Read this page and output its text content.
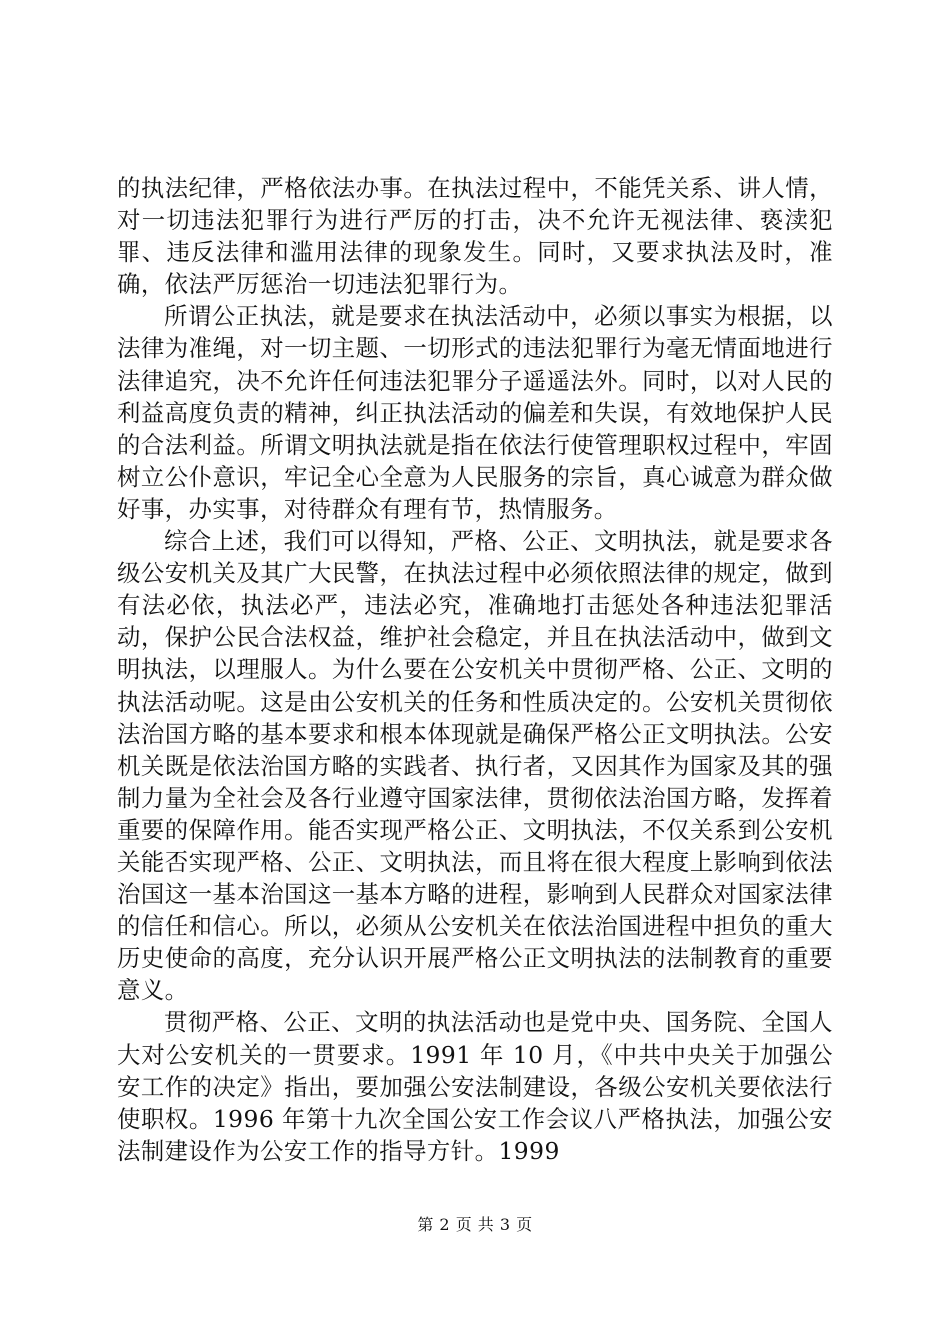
的执法纪律，严格依法办事。在执法过程中，不能凭关系、讲人情，对一切违法犯罪行为进行严厉的打击，决不允许无视法律、亵渎犯罪、违反法律和滥用法律的现象发生。同时，又要求执法及时，准确，依法严厉惩治一切违法犯罪行为。

所谓公正执法，就是要求在执法活动中，必须以事实为根据，以法律为准绳，对一切主题、一切形式的违法犯罪行为毫无情面地进行法律追究，决不允许任何违法犯罪分子遥遥法外。同时，以对人民的利益高度负责的精神，纠正执法活动的偏差和失误，有效地保护人民的合法利益。所谓文明执法就是指在依法行使管理职权过程中，牢固树立公仆意识，牢记全心全意为人民服务的宗旨，真心诚意为群众做好事，办实事，对待群众有理有节，热情服务。

综合上述，我们可以得知，严格、公正、文明执法，就是要求各级公安机关及其广大民警，在执法过程中必须依照法律的规定，做到有法必依，执法必严，违法必究，准确地打击惩处各种违法犯罪活动，保护公民合法权益，维护社会稳定，并且在执法活动中，做到文明执法，以理服人。为什么要在公安机关中贯彻严格、公正、文明的执法活动呢。这是由公安机关的任务和性质决定的。公安机关贯彻依法治国方略的基本要求和根本体现就是确保严格公正文明执法。公安机关既是依法治国方略的实践者、执行者，又因其作为国家及其的强制力量为全社会及各行业遵守国家法律，贯彻依法治国方略，发挥着重要的保障作用。能否实现严格公正、文明执法，不仅关系到公安机关能否实现严格、公正、文明执法，而且将在很大程度上影响到依法治国这一基本治国这一基本方略的进程，影响到人民群众对国家法律的信任和信心。所以，必须从公安机关在依法治国进程中担负的重大历史使命的高度，充分认识开展严格公正文明执法的法制教育的重要意义。

贯彻严格、公正、文明的执法活动也是党中央、国务院、全国人大对公安机关的一贯要求。1991 年 10 月，《中共中央关于加强公安工作的决定》指出，要加强公安法制建设，各级公安机关要依法行使职权。1996 年第十九次全国公安工作会议八严格执法，加强公安法制建设作为公安工作的指导方针。1999

第 2 页 共 3 页
